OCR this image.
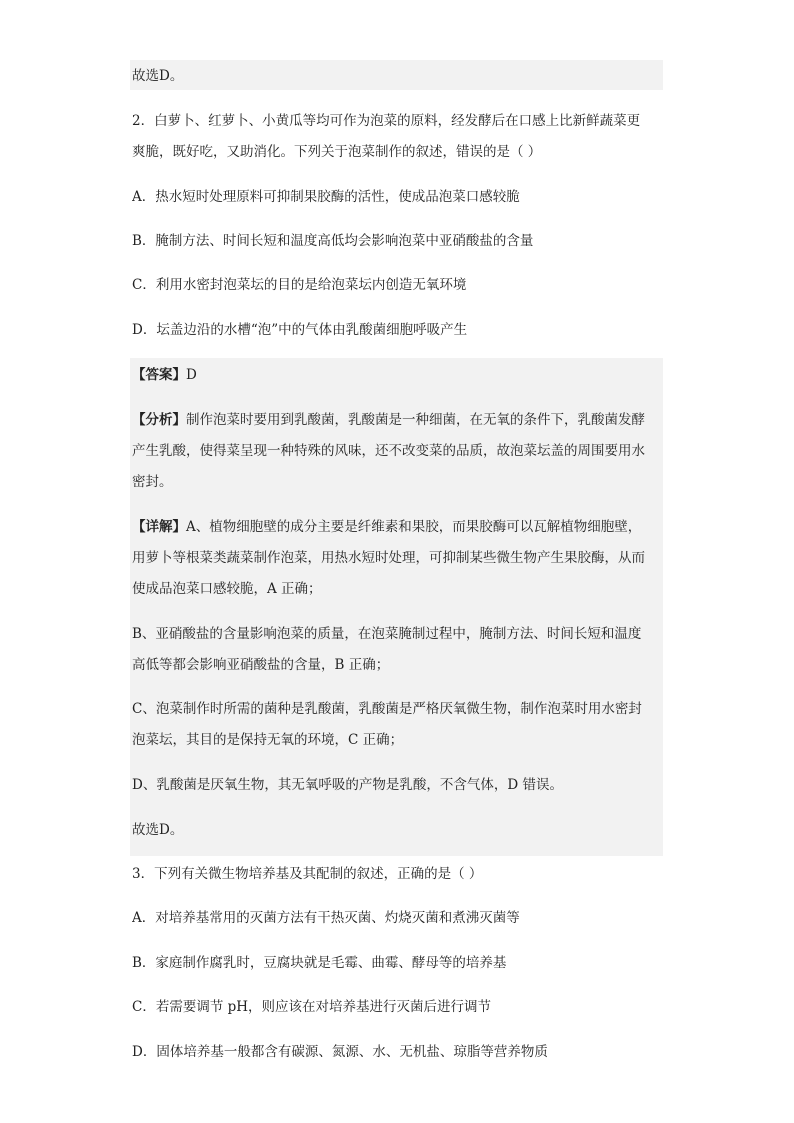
故选D。
2．白萝卜、红萝卜、小黄瓜等均可作为泡菜的原料，经发酵后在口感上比新鲜蔬菜更
爽脆，既好吃，又助消化。下列关于泡菜制作的叙述，错误的是（ ）
A．热水短时处理原料可抑制果胶酶的活性，使成品泡菜口感较脆
B．腌制方法、时间长短和温度高低均会影响泡菜中亚硝酸盐的含量
C．利用水密封泡菜坛的目的是给泡菜坛内创造无氧环境
D．坛盖边沿的水槽“泡”中的气体由乳酸菌细胞呼吸产生
【答案】D
【分析】制作泡菜时要用到乳酸菌，乳酸菌是一种细菌，在无氧的条件下，乳酸菌发酵
产生乳酸，使得菜呈现一种特殊的风味，还不改变菜的品质，故泡菜坛盖的周围要用水
密封。
【详解】A、植物细胞壁的成分主要是纤维素和果胶，而果胶酶可以瓦解植物细胞壁，
用萝卜等根菜类蔬菜制作泡菜，用热水短时处理，可抑制某些微生物产生果胶酶，从而
使成品泡菜口感较脆，A 正确；
B、亚硝酸盐的含量影响泡菜的质量，在泡菜腌制过程中，腌制方法、时间长短和温度
高低等都会影响亚硝酸盐的含量，B 正确；
C、泡菜制作时所需的菌种是乳酸菌，乳酸菌是严格厌氧微生物，制作泡菜时用水密封
泡菜坛，其目的是保持无氧的环境，C 正确；
D、乳酸菌是厌氧生物，其无氧呼吸的产物是乳酸，不含气体，D 错误。
故选D。
3．下列有关微生物培养基及其配制的叙述，正确的是（ ）
A．对培养基常用的灭菌方法有干热灭菌、灼烧灭菌和煮沸灭菌等
B．家庭制作腐乳时，豆腐块就是毛霉、曲霉、酵母等的培养基
C．若需要调节 pH，则应该在对培养基进行灭菌后进行调节
D．固体培养基一般都含有碳源、氮源、水、无机盐、琼脂等营养物质
